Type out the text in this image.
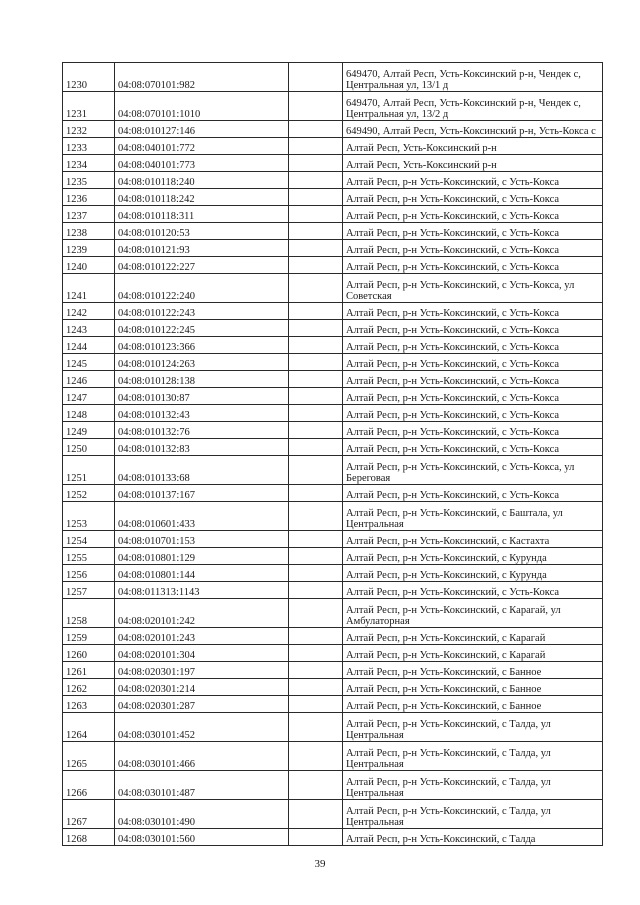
1230	04:08:070101:982		649470, Алтай Респ, Усть-Коксинский р-н, Чендек с, Центральная ул, 13/1 д
1231	04:08:070101:1010		649470, Алтай Респ, Усть-Коксинский р-н, Чендек с, Центральная ул, 13/2 д
1232	04:08:010127:146		649490, Алтай Респ, Усть-Коксинский р-н, Усть-Кокса с
1233	04:08:040101:772		Алтай Респ, Усть-Коксинский р-н
1234	04:08:040101:773		Алтай Респ, Усть-Коксинский р-н
1235	04:08:010118:240		Алтай Респ, р-н Усть-Коксинский, с Усть-Кокса
1236	04:08:010118:242		Алтай Респ, р-н Усть-Коксинский, с Усть-Кокса
1237	04:08:010118:311		Алтай Респ, р-н Усть-Коксинский, с Усть-Кокса
1238	04:08:010120:53		Алтай Респ, р-н Усть-Коксинский, с Усть-Кокса
1239	04:08:010121:93		Алтай Респ, р-н Усть-Коксинский, с Усть-Кокса
1240	04:08:010122:227		Алтай Респ, р-н Усть-Коксинский, с Усть-Кокса
1241	04:08:010122:240		Алтай Респ, р-н Усть-Коксинский, с Усть-Кокса, ул Советская
1242	04:08:010122:243		Алтай Респ, р-н Усть-Коксинский, с Усть-Кокса
1243	04:08:010122:245		Алтай Респ, р-н Усть-Коксинский, с Усть-Кокса
1244	04:08:010123:366		Алтай Респ, р-н Усть-Коксинский, с Усть-Кокса
1245	04:08:010124:263		Алтай Респ, р-н Усть-Коксинский, с Усть-Кокса
1246	04:08:010128:138		Алтай Респ, р-н Усть-Коксинский, с Усть-Кокса
1247	04:08:010130:87		Алтай Респ, р-н Усть-Коксинский, с Усть-Кокса
1248	04:08:010132:43		Алтай Респ, р-н Усть-Коксинский, с Усть-Кокса
1249	04:08:010132:76		Алтай Респ, р-н Усть-Коксинский, с Усть-Кокса
1250	04:08:010132:83		Алтай Респ, р-н Усть-Коксинский, с Усть-Кокса
1251	04:08:010133:68		Алтай Респ, р-н Усть-Коксинский, с Усть-Кокса, ул Береговая
1252	04:08:010137:167		Алтай Респ, р-н Усть-Коксинский, с Усть-Кокса
1253	04:08:010601:433		Алтай Респ, р-н Усть-Коксинский, с Баштала, ул Центральная
1254	04:08:010701:153		Алтай Респ, р-н Усть-Коксинский, с Кастахта
1255	04:08:010801:129		Алтай Респ, р-н Усть-Коксинский, с Курунда
1256	04:08:010801:144		Алтай Респ, р-н Усть-Коксинский, с Курунда
1257	04:08:011313:1143		Алтай Респ, р-н Усть-Коксинский, с Усть-Кокса
1258	04:08:020101:242		Алтай Респ, р-н Усть-Коксинский, с Карагай, ул Амбулаторная
1259	04:08:020101:243		Алтай Респ, р-н Усть-Коксинский, с Карагай
1260	04:08:020101:304		Алтай Респ, р-н Усть-Коксинский, с Карагай
1261	04:08:020301:197		Алтай Респ, р-н Усть-Коксинский, с Банное
1262	04:08:020301:214		Алтай Респ, р-н Усть-Коксинский, с Банное
1263	04:08:020301:287		Алтай Респ, р-н Усть-Коксинский, с Банное
1264	04:08:030101:452		Алтай Респ, р-н Усть-Коксинский, с Талда, ул Центральная
1265	04:08:030101:466		Алтай Респ, р-н Усть-Коксинский, с Талда, ул Центральная
1266	04:08:030101:487		Алтай Респ, р-н Усть-Коксинский, с Талда, ул Центральная
1267	04:08:030101:490		Алтай Респ, р-н Усть-Коксинский, с Талда, ул Центральная
1268	04:08:030101:560		Алтай Респ, р-н Усть-Коксинский, с Талда
39
